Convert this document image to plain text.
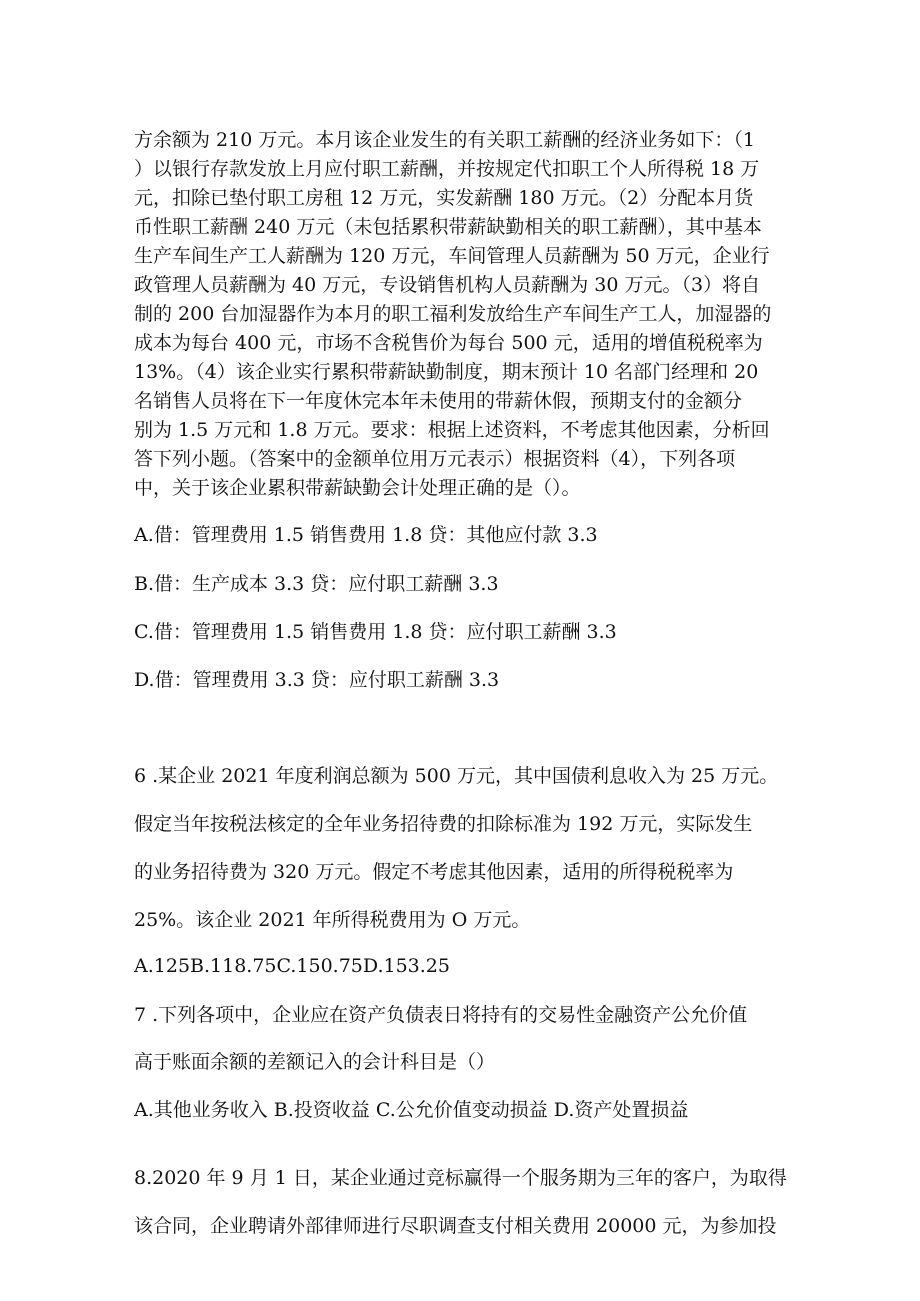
方余额为 210 万元。本月该企业发生的有关职工薪酬的经济业务如下：（1
）以银行存款发放上月应付职工薪酬，并按规定代扣职工个人所得税 18 万
元，扣除已垫付职工房租 12 万元，实发薪酬 180 万元。（2）分配本月货
币性职工薪酬 240 万元（未包括累积带薪缺勤相关的职工薪酬），其中基本
生产车间生产工人薪酬为 120 万元，车间管理人员薪酬为 50 万元，企业行
政管理人员薪酬为 40 万元，专设销售机构人员薪酬为 30 万元。（3）将自
制的 200 台加湿器作为本月的职工福利发放给生产车间生产工人，加湿器的
成本为每台 400 元，市场不含税售价为每台 500 元，适用的增值税税率为
13%。（4）该企业实行累积带薪缺勤制度，期末预计 10 名部门经理和 20
名销售人员将在下一年度休完本年未使用的带薪休假，预期支付的金额分
别为 1.5 万元和 1.8 万元。要求：根据上述资料，不考虑其他因素，分析回
答下列小题。（答案中的金额单位用万元表示）根据资料（4），下列各项
中，关于该企业累积带薪缺勤会计处理正确的是（）。
A.借：管理费用 1.5 销售费用 1.8 贷：其他应付款 3.3
B.借：生产成本 3.3 贷：应付职工薪酬 3.3
C.借：管理费用 1.5 销售费用 1.8 贷：应付职工薪酬 3.3
D.借：管理费用 3.3 贷：应付职工薪酬 3.3
6 .某企业 2021 年度利润总额为 500 万元，其中国债利息收入为 25 万元。
假定当年按税法核定的全年业务招待费的扣除标准为 192 万元，实际发生
的业务招待费为 320 万元。假定不考虑其他因素，适用的所得税税率为
25%。该企业 2021 年所得税费用为 O 万元。
A.125B.118.75C.150.75D.153.25
7 .下列各项中，企业应在资产负债表日将持有的交易性金融资产公允价值
高于账面余额的差额记入的会计科目是（）
A.其他业务收入 B.投资收益 C.公允价值变动损益 D.资产处置损益
8.2020 年 9 月 1 日，某企业通过竞标赢得一个服务期为三年的客户，为取得
该合同，企业聘请外部律师进行尽职调查支付相关费用 20000 元，为参加投
